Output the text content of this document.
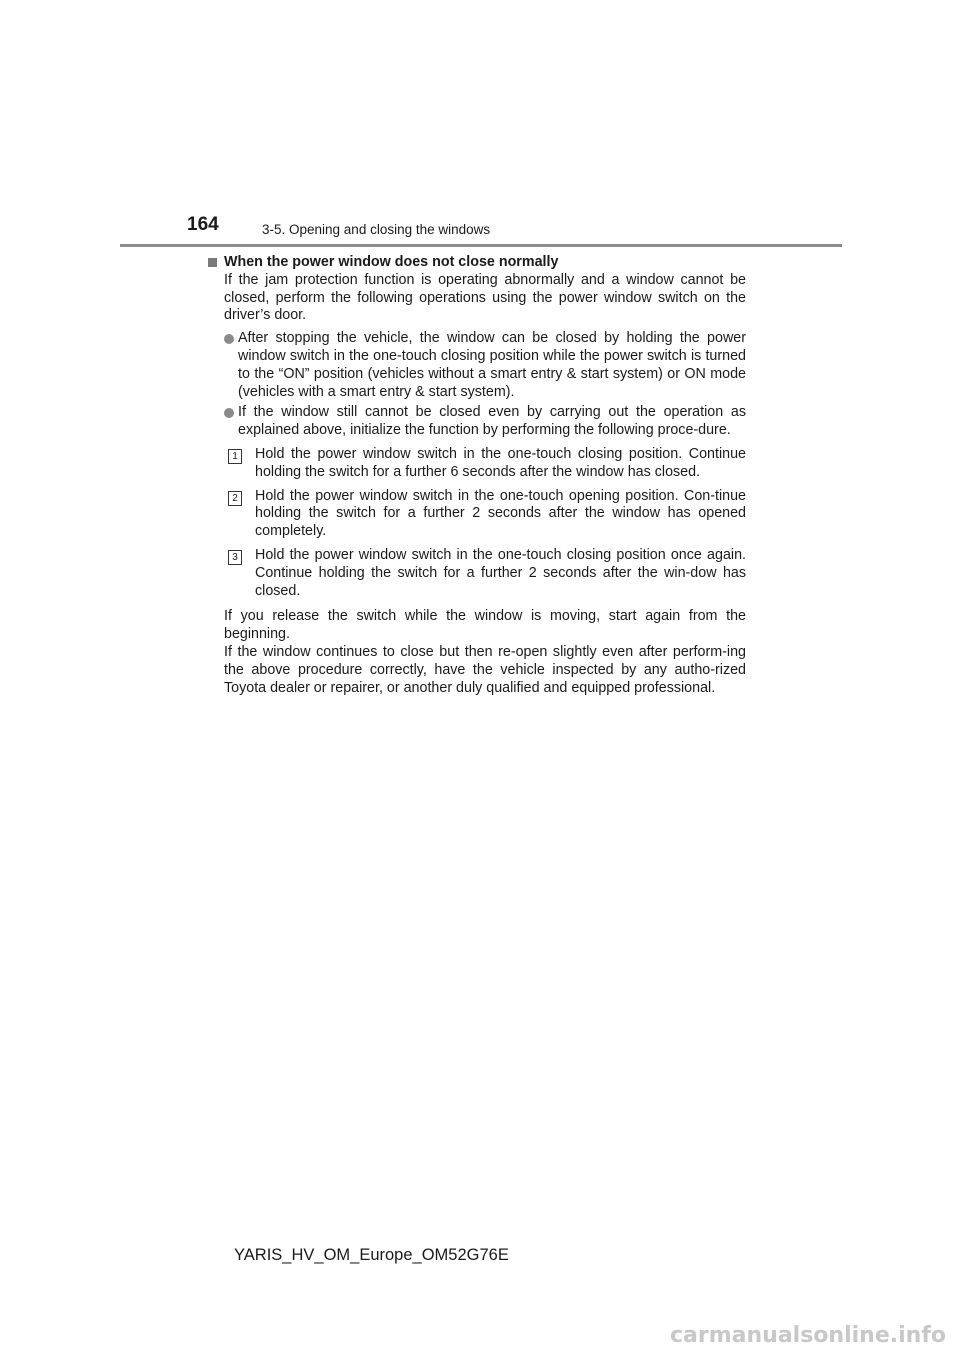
164	3-5. Opening and closing the windows
When the power window does not close normally

If the jam protection function is operating abnormally and a window cannot be closed, perform the following operations using the power window switch on the driver’s door.

After stopping the vehicle, the window can be closed by holding the power window switch in the one-touch closing position while the power switch is turned to the “ON” position (vehicles without a smart entry & start system) or ON mode (vehicles with a smart entry & start system).
If the window still cannot be closed even by carrying out the operation as explained above, initialize the function by performing the following proce-dure.
1 Hold the power window switch in the one-touch closing position. Continue holding the switch for a further 6 seconds after the window has closed.
2 Hold the power window switch in the one-touch opening position. Con-tinue holding the switch for a further 2 seconds after the window has opened completely.
3 Hold the power window switch in the one-touch closing position once again. Continue holding the switch for a further 2 seconds after the win-dow has closed.

If you release the switch while the window is moving, start again from the beginning.

If the window continues to close but then re-open slightly even after perform-ing the above procedure correctly, have the vehicle inspected by any autho-rized Toyota dealer or repairer, or another duly qualified and equipped professional.

YARIS_HV_OM_Europe_OM52G76E
carmanualsonline.info
